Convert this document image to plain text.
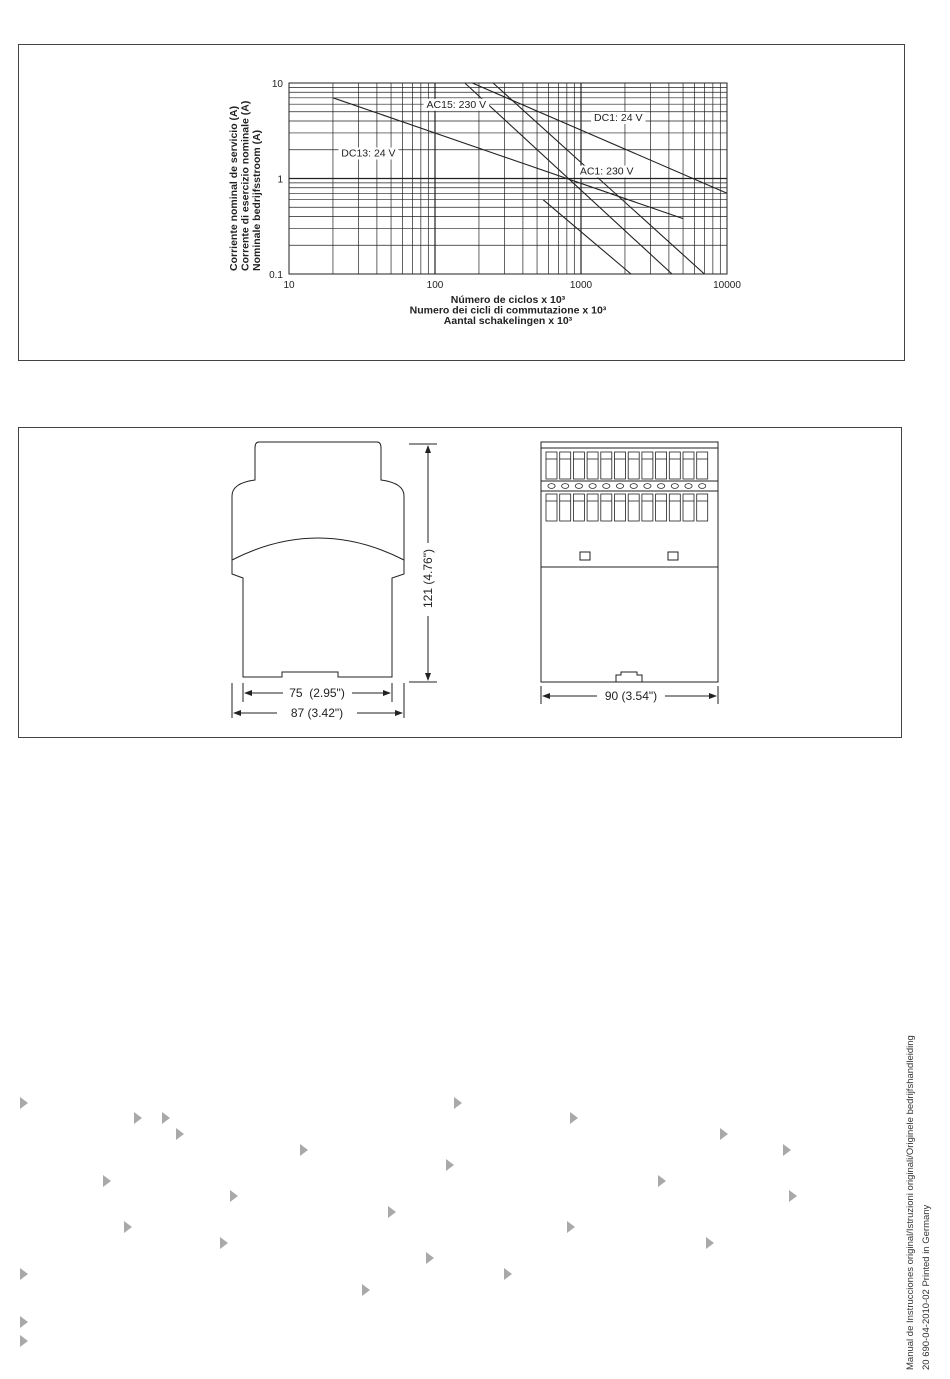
10	100	1000	10000
0.1
1
10
AC15: 230 V
DC1: 24 V
DC13: 24 V
AC1: 230 V
Corriente nominal de servicio (A) Corrente di esercizio nominale (A) Nominale bedrijfsstroom (A)
Número de ciclos x 10³
Numero dei cicli di commutazione x 10³
Aantal schakelingen x 10³
121 (4.76")
75  (2.95")
87 (3.42")
90 (3.54")
Manual de Instrucciones original/Istruzioni originali/Originele bedrijfshandleiding 20 690-04-2010-02 Printed in Germany
